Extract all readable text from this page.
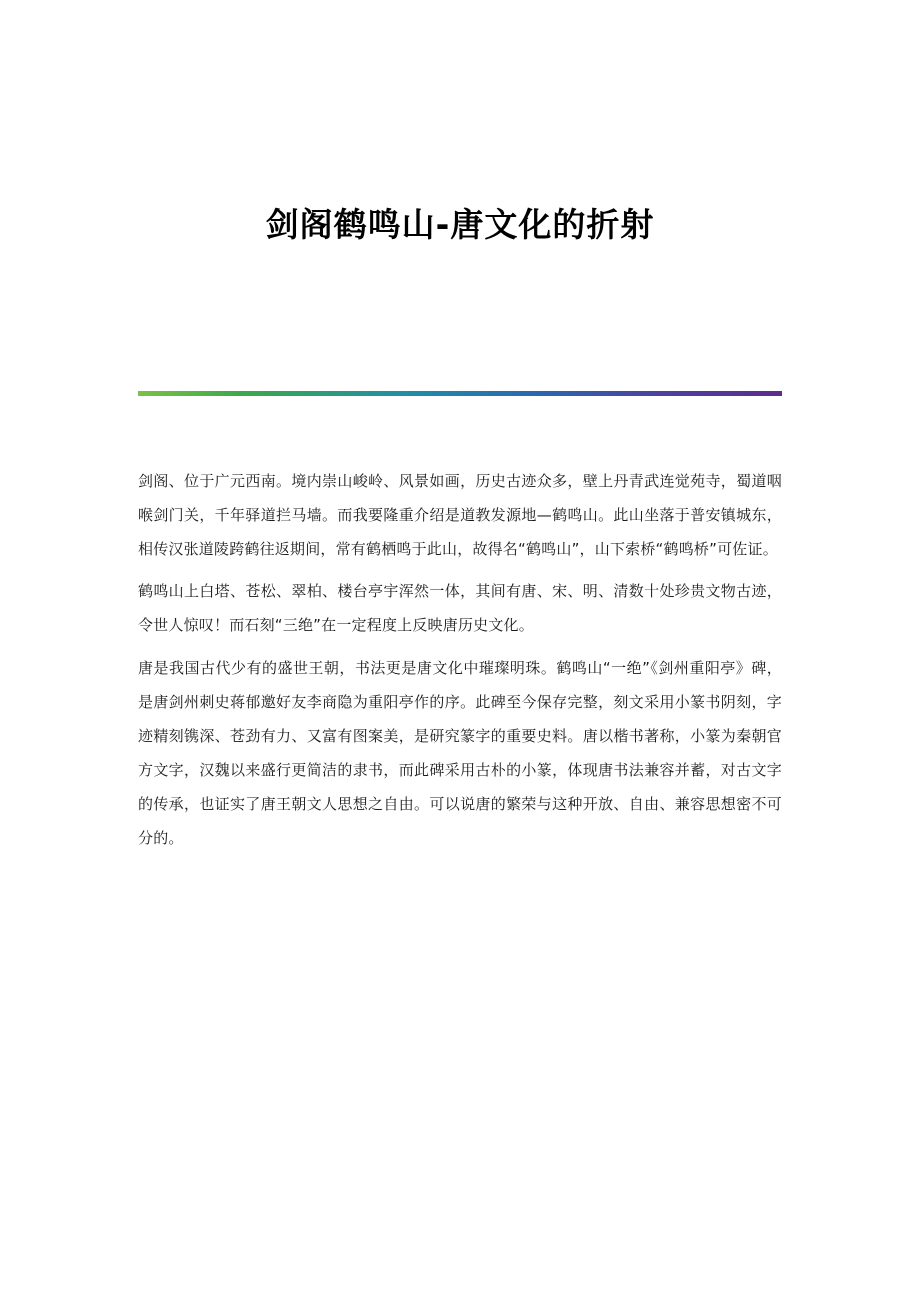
剑阁鹤鸣山-唐文化的折射

剑阁、位于广元西南。境内崇山峻岭、风景如画，历史古迹众多，壁上丹青武连觉苑寺，蜀道咽喉剑门关，千年驿道拦马墙。而我要隆重介绍是道教发源地—鹤鸣山。此山坐落于普安镇城东，相传汉张道陵跨鹤往返期间，常有鹤栖鸣于此山，故得名“鹤鸣山”，山下索桥“鹤鸣桥”可佐证。

鹤鸣山上白塔、苍松、翠柏、楼台亭宇浑然一体，其间有唐、宋、明、清数十处珍贵文物古迹，令世人惊叹！而石刻“三绝”在一定程度上反映唐历史文化。

唐是我国古代少有的盛世王朝，书法更是唐文化中璀璨明珠。鹤鸣山“一绝”《剑州重阳亭》碑，是唐剑州刺史蒋郁邀好友李商隐为重阳亭作的序。此碑至今保存完整，刻文采用小篆书阴刻，字迹精刻镌深、苍劲有力、又富有图案美，是研究篆字的重要史料。唐以楷书著称，小篆为秦朝官方文字，汉魏以来盛行更简洁的隶书，而此碑采用古朴的小篆，体现唐书法兼容并蓄，对古文字的传承，也证实了唐王朝文人思想之自由。可以说唐的繁荣与这种开放、自由、兼容思想密不可分的。
